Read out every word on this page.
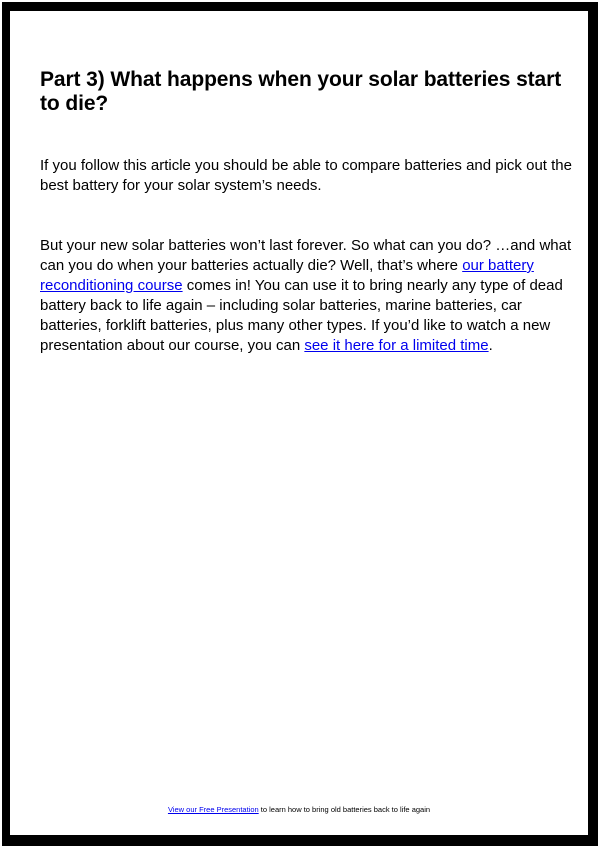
Part 3) What happens when your solar batteries start to die?

If you follow this article you should be able to compare batteries and pick out the best battery for your solar system’s needs.

But your new solar batteries won’t last forever. So what can you do? …and what can you do when your batteries actually die? Well, that’s where our battery reconditioning course comes in! You can use it to bring nearly any type of dead battery back to life again – including solar batteries, marine batteries, car batteries, forklift batteries, plus many other types. If you’d like to watch a new presentation about our course, you can see it here for a limited time.

View our Free Presentation to learn how to bring old batteries back to life again
